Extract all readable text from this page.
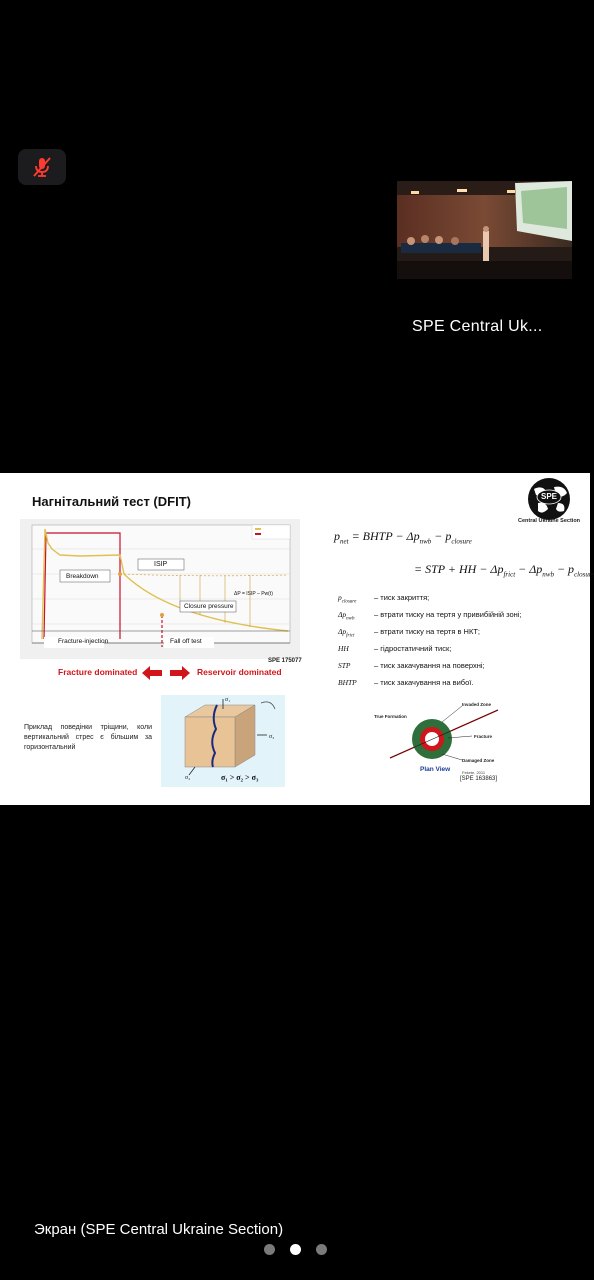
SPE Central Uk...
Нагнітальний тест (DFIT)	SPE
Central Ukraine Section
Breakdown
ISIP
Closure pressure
ΔP = ISIP – Pw(t)
Fracture-injection	Fall off test
SPE 175077
Fracture dominated	Reservoir dominated
Приклад поведінки тріщини, коли вертикальний стрес є більшим за горизонтальний
σ₁
σ₃
σ₂	σ₁ > σ₂ > σ₃
$p_{net}$ = BHTP − $\Delta p_{nwb} - p_{closure}$
= STP + HH − $\Delta p_{frict} - \Delta p_{nwb} - p_{closure}$
$p_{closure}$ – тиск закриття;
$\Delta p_{nwb}$	– втрати тиску на тертя у привибійній зоні;
$\Delta p_{frict}$	– втрати тиску на тертя в НКТ;
HH	– гідростатичний тиск;
STP	– тиск закачування на поверхні;
BHTP – тиск закачування на вибої.
True Formation
Invaded Zone
Fracture
Damaged Zone
Plan View	Fekete, 2011
[SPE 163863]
Экран (SPE Central Ukraine Section)
